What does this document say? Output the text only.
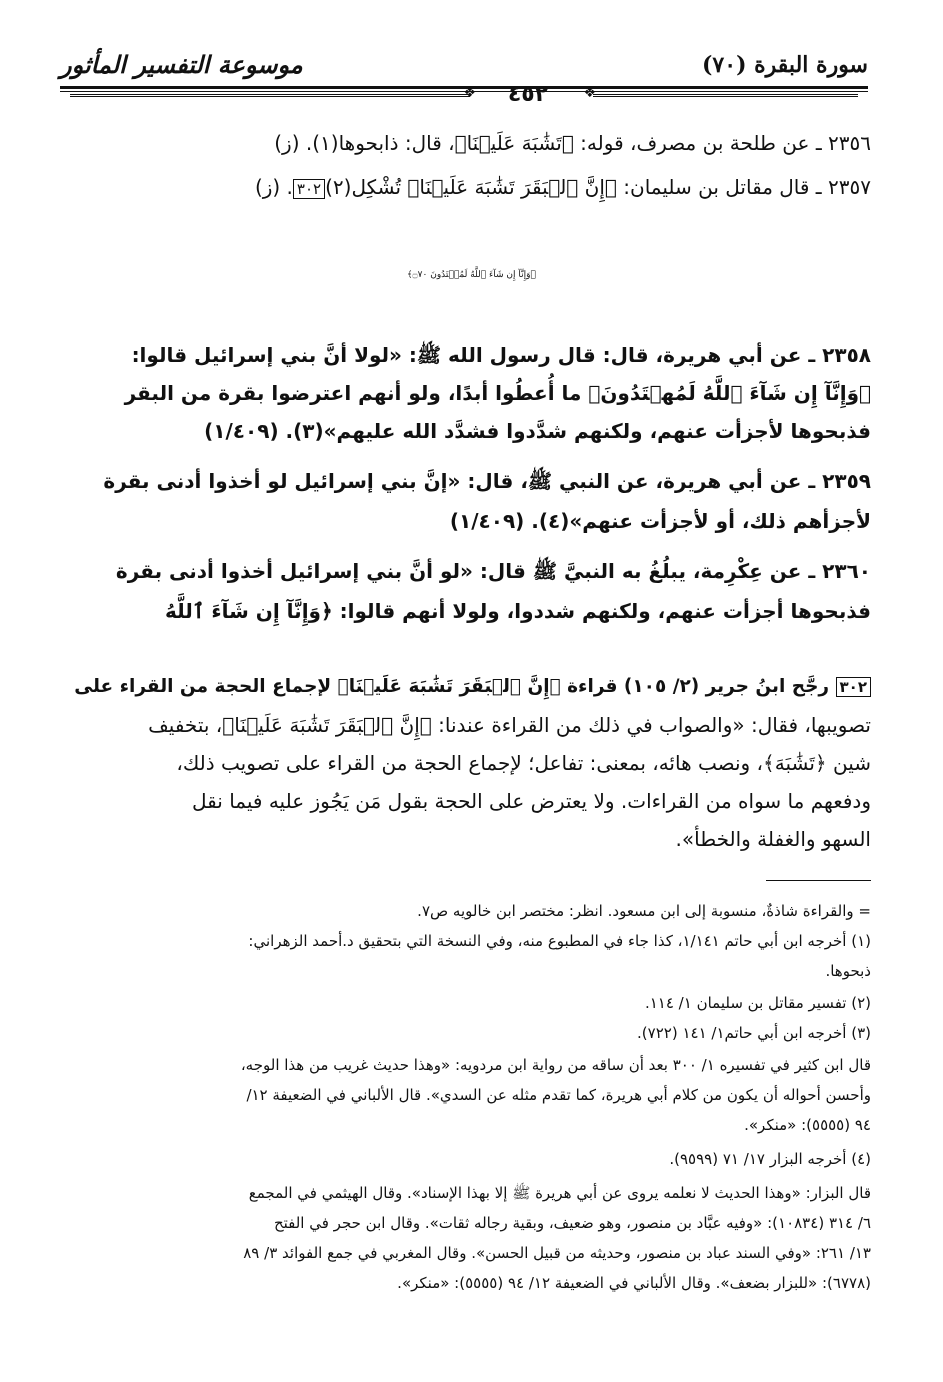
سورة البقرة (٧٠)
موسوعة التفسير المأثور
❖
٤٥٢
❖
٢٣٥٦ ـ عن طلحة بن مصرف، قوله: ﴿تَشَٰبَهَ عَلَيۡنَا﴾، قال: ذابحوها(١). (ز)
٢٣٥٧ ـ قال مقاتل بن سليمان: ﴿إِنَّ ٱلۡبَقَرَ تَشَٰبَهَ عَلَيۡنَا﴾ تُشْكِل(٢)٣٠٢. (ز)
﴿وَإِنَّآ إِن شَآءَ ٱللَّهُ لَمُهۡتَدُونَ ۝٧٠﴾
٢٣٥٨ ـ عن أبي هريرة، قال: قال رسول الله ﷺ: «لولا أنَّ بني إسرائيل قالوا:
﴿وَإِنَّآ إِن شَآءَ ٱللَّهُ لَمُهۡتَدُونَ﴾ ما أُعطُوا أبدًا، ولو أنهم اعترضوا بقرة من البقر
فذبحوها لأجزأت عنهم، ولكنهم شدَّدوا فشدَّد الله عليهم»(٣). (١/٤٠٩)
٢٣٥٩ ـ عن أبي هريرة، عن النبي ﷺ، قال: «إنَّ بني إسرائيل لو أخذوا أدنى بقرة
لأجزأهم ذلك، أو لأجزأت عنهم»(٤). (١/٤٠٩)
٢٣٦٠ ـ عن عِكْرِمة، يبلُغُ به النبيَّ ﷺ قال: «لو أنَّ بني إسرائيل أخذوا أدنى بقرة
فذبحوها أجزأت عنهم، ولكنهم شددوا، ولولا أنهم قالوا: ﴿وَإِنَّآ إِن شَآءَ ٱللَّهُ
٣٠٢ رجَّح ابنُ جرير (٢/ ١٠٥) قراءة ﴿إِنَّ ٱلۡبَقَرَ تَشَٰبَهَ عَلَيۡنَا﴾ لإجماع الحجة من القراء على
تصويبها، فقال: «والصواب في ذلك من القراءة عندنا: ﴿إِنَّ ٱلۡبَقَرَ تَشَٰبَهَ عَلَيۡنَا﴾، بتخفيف
شين ﴿تَشَٰبَهَ﴾، ونصب هائه، بمعنى: تفاعل؛ لإجماع الحجة من القراء على تصويب ذلك،
ودفعهم ما سواه من القراءات. ولا يعترض على الحجة بقول مَن يَجُوز عليه فيما نقل
السهو والغفلة والخطأ».
= والقراءة شاذةٌ، منسوبة إلى ابن مسعود. انظر: مختصر ابن خالويه ص٧.
(١) أخرجه ابن أبي حاتم ١/١٤١، كذا جاء في المطبوع منه، وفي النسخة التي بتحقيق د.أحمد الزهراني:
ذبحوها.
(٢) تفسير مقاتل بن سليمان ١/ ١١٤.
(٣) أخرجه ابن أبي حاتم١/ ١٤١ (٧٢٢).
قال ابن كثير في تفسيره ١/ ٣٠٠ بعد أن ساقه من رواية ابن مردويه: «وهذا حديث غريب من هذا الوجه،
وأحسن أحواله أن يكون من كلام أبي هريرة، كما تقدم مثله عن السدي». قال الألباني في الضعيفة ١٢/
٩٤ (٥٥٥٥): «منكر».
(٤) أخرجه البزار ١٧/ ٧١ (٩٥٩٩).
قال البزار: «وهذا الحديث لا نعلمه يروى عن أبي هريرة ﷺ إلا بهذا الإسناد». وقال الهيثمي في المجمع
٦/ ٣١٤ (١٠٨٣٤): «وفيه عبَّاد بن منصور، وهو ضعيف، وبقية رجاله ثقات». وقال ابن حجر في الفتح
١٣/ ٢٦١: «وفي السند عباد بن منصور، وحديثه من قبيل الحسن». وقال المغربي في جمع الفوائد ٣/ ٨٩
(٦٧٧٨): «للبزار بضعف». وقال الألباني في الضعيفة ١٢/ ٩٤ (٥٥٥٥): «منكر».
